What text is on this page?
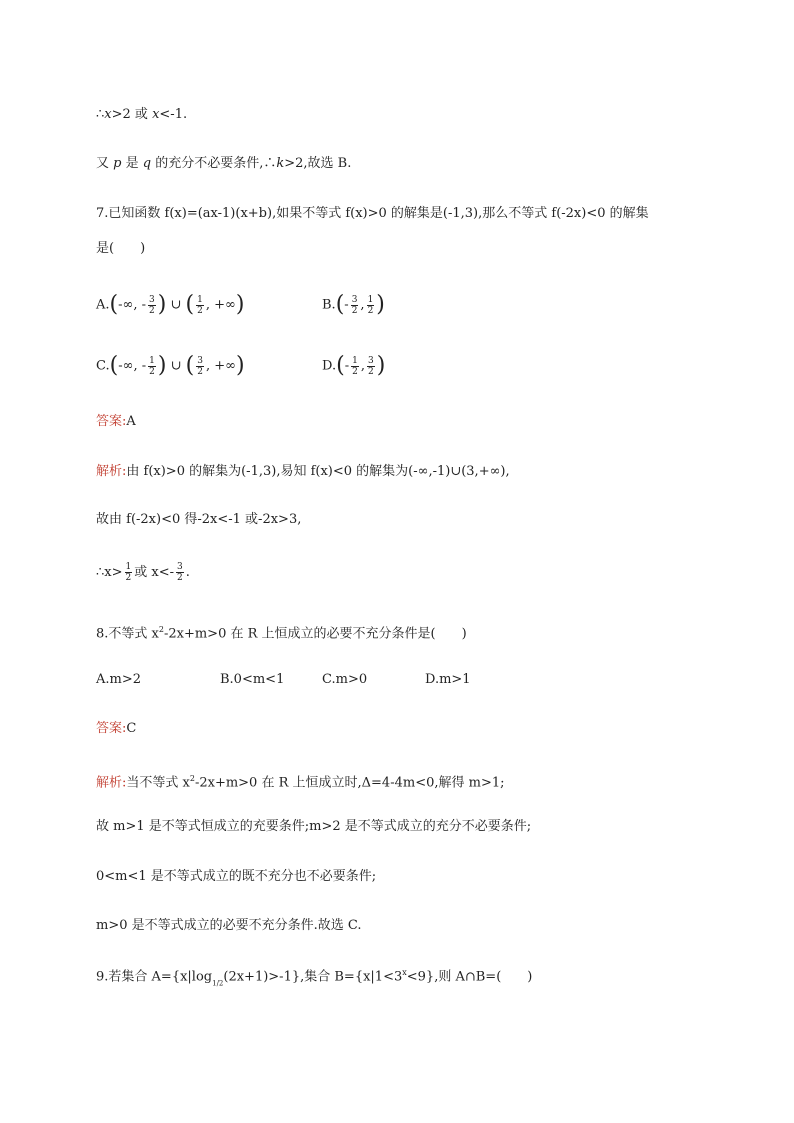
∴x>2 或 x<-1.
又 p 是 q 的充分不必要条件,∴k>2,故选 B.
7.已知函数 f(x)=(ax-1)(x+b),如果不等式 f(x)>0 的解集是(-1,3),那么不等式 f(-2x)<0 的解集
是(　　)
A.(-∞, - $\frac{3}{2}$ ) ∪ ( $\frac{1}{2}$ , +∞)	$B.(- \frac{3}{2}$ , $\frac{1}{2}$ )
C.(-∞, - $\frac{1}{2}$ ) ∪ ( $\frac{3}{2}$ , +∞)	$D.(- \frac{1}{2}$ , $\frac{3}{2}$ )
答案:A
解析:由 f(x)>0 的解集为(-1,3),易知 f(x)<0 的解集为(-∞,-1)∪(3,+∞),
故由 f(-2x)<0 得-2x<-1 或-2x>3,
∴x> $\frac{1}{2}$ 或 $x<- \frac{3}{2}$ .
8.不等式 $x^2-2x+m>0$ 在 R 上恒成立的必要不充分条件是(　　)
A.m>2	B.0<m<1	C.m>0	D.m>1
答案:C
解析:当不等式 $x^2-2x+m>0$ 在 R 上恒成立时,Δ=4-4m<0,解得 m>1;
故 m>1 是不等式恒成立的充要条件;m>2 是不等式成立的充分不必要条件;
0<m<1 是不等式成立的既不充分也不必要条件;
m>0 是不等式成立的必要不充分条件.故选 C.
9.若集合 $A=\{x|\log_{1/2}(2x+1)>-1\}$,集合 $B=\{x|1<3^x<9\}$,则 A∩B=(　　)
